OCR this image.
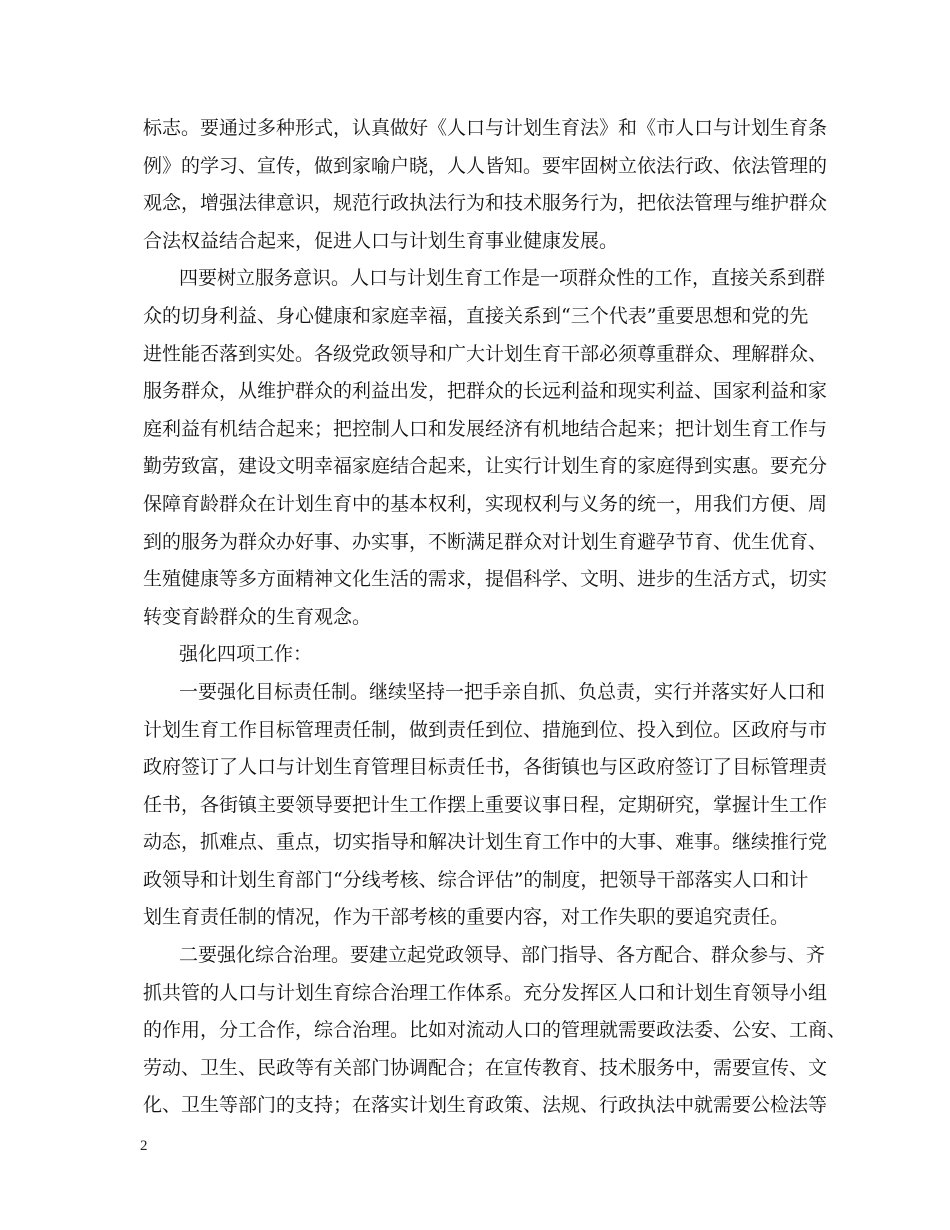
标志。要通过多种形式，认真做好《人口与计划生育法》和《市人口与计划生育条
例》的学习、宣传，做到家喻户晓，人人皆知。要牢固树立依法行政、依法管理的
观念，增强法律意识，规范行政执法行为和技术服务行为，把依法管理与维护群众
合法权益结合起来，促进人口与计划生育事业健康发展。
四要树立服务意识。人口与计划生育工作是一项群众性的工作，直接关系到群
众的切身利益、身心健康和家庭幸福，直接关系到“三个代表”重要思想和党的先
进性能否落到实处。各级党政领导和广大计划生育干部必须尊重群众、理解群众、
服务群众，从维护群众的利益出发，把群众的长远利益和现实利益、国家利益和家
庭利益有机结合起来；把控制人口和发展经济有机地结合起来；把计划生育工作与
勤劳致富，建设文明幸福家庭结合起来，让实行计划生育的家庭得到实惠。要充分
保障育龄群众在计划生育中的基本权利，实现权利与义务的统一，用我们方便、周
到的服务为群众办好事、办实事，不断满足群众对计划生育避孕节育、优生优育、
生殖健康等多方面精神文化生活的需求，提倡科学、文明、进步的生活方式，切实
转变育龄群众的生育观念。
强化四项工作：
一要强化目标责任制。继续坚持一把手亲自抓、负总责，实行并落实好人口和
计划生育工作目标管理责任制，做到责任到位、措施到位、投入到位。区政府与市
政府签订了人口与计划生育管理目标责任书，各街镇也与区政府签订了目标管理责
任书，各街镇主要领导要把计生工作摆上重要议事日程，定期研究，掌握计生工作
动态，抓难点、重点，切实指导和解决计划生育工作中的大事、难事。继续推行党
政领导和计划生育部门“分线考核、综合评估”的制度，把领导干部落实人口和计
划生育责任制的情况，作为干部考核的重要内容，对工作失职的要追究责任。
二要强化综合治理。要建立起党政领导、部门指导、各方配合、群众参与、齐
抓共管的人口与计划生育综合治理工作体系。充分发挥区人口和计划生育领导小组
的作用，分工合作，综合治理。比如对流动人口的管理就需要政法委、公安、工商、
劳动、卫生、民政等有关部门协调配合；在宣传教育、技术服务中，需要宣传、文
化、卫生等部门的支持；在落实计划生育政策、法规、行政执法中就需要公检法等
2
